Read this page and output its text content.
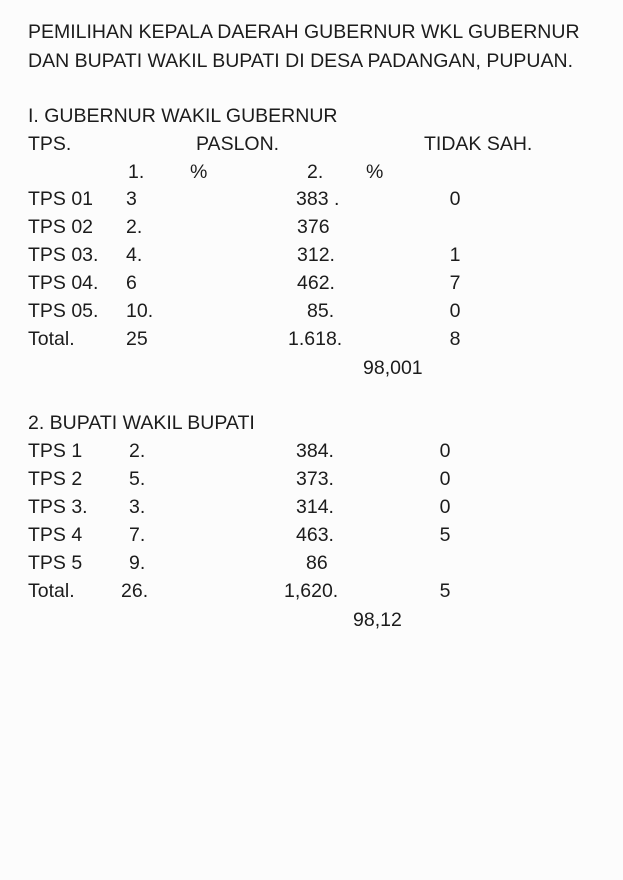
PEMILIHAN KEPALA DAERAH GUBERNUR WKL GUBERNUR
DAN BUPATI WAKIL BUPATI DI DESA PADANGAN, PUPUAN.
I. GUBERNUR WAKIL GUBERNUR
TPS.	PASLON.	TIDAK SAH.
1. %	2. %
TPS 01 3	383 .	0
TPS 02 2.	376
TPS 03. 4.	312.	1
TPS 04. 6	462.	7
TPS 05. 10.	85.	0
Total.	25	1.618.	8
98,001
2. BUPATI WAKIL BUPATI
TPS 1 2.	384.	0
TPS 2 5.	373.	0
TPS 3. 3.	314.	0
TPS 4 7.	463.	5
TPS 5 9.	86
Total. 26.	1,620.	5
98,12
